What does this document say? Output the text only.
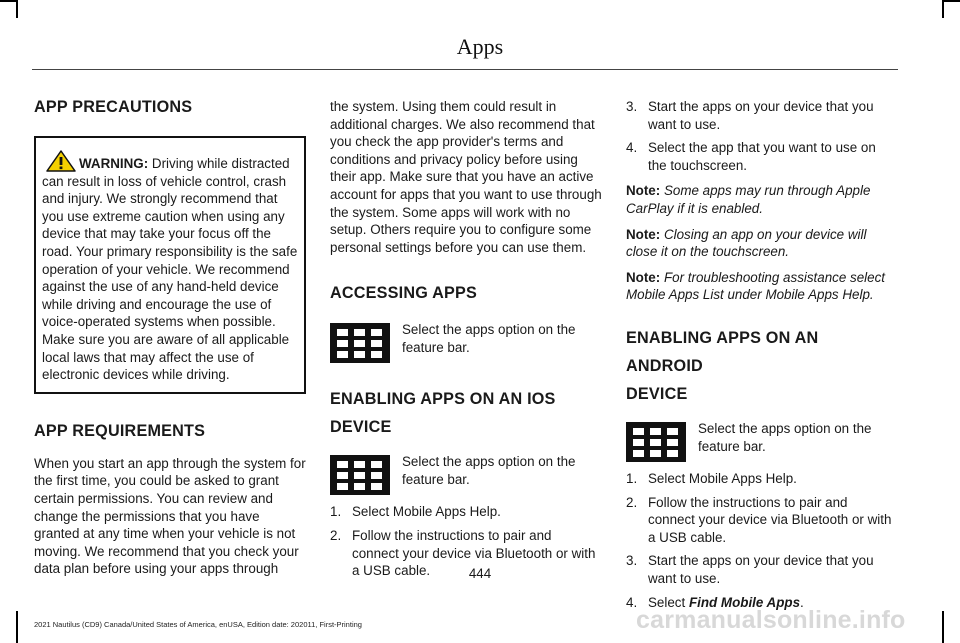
Apps
APP PRECAUTIONS

WARNING: Driving while distracted can result in loss of vehicle control, crash and injury. We strongly recommend that you use extreme caution when using any device that may take your focus off the road. Your primary responsibility is the safe operation of your vehicle. We recommend against the use of any hand-held device while driving and encourage the use of voice-operated systems when possible. Make sure you are aware of all applicable local laws that may affect the use of electronic devices while driving.

APP REQUIREMENTS

When you start an app through the system for the first time, you could be asked to grant certain permissions. You can review and change the permissions that you have granted at any time when your vehicle is not moving. We recommend that you check your data plan before using your apps through

the system. Using them could result in additional charges. We also recommend that you check the app provider's terms and conditions and privacy policy before using their app. Make sure that you have an active account for apps that you want to use through the system. Some apps will work with no setup. Others require you to configure some personal settings before you can use them.

ACCESSING APPS

Select the apps option on the feature bar.

ENABLING APPS ON AN IOS
DEVICE

Select the apps option on the feature bar.

1. Select Mobile Apps Help.
2. Follow the instructions to pair and connect your device via Bluetooth or with a USB cable.
3. Start the apps on your device that you want to use.
4. Select the app that you want to use on the touchscreen.

Note: Some apps may run through Apple CarPlay if it is enabled.

Note: Closing an app on your device will close it on the touchscreen.

Note: For troubleshooting assistance select Mobile Apps List under Mobile Apps Help.

ENABLING APPS ON AN ANDROID
DEVICE

Select the apps option on the feature bar.

1. Select Mobile Apps Help.
2. Follow the instructions to pair and connect your device via Bluetooth or with a USB cable.
3. Start the apps on your device that you want to use.
4. Select Find Mobile Apps.
444
2021 Nautilus (CD9) Canada/United States of America, enUSA, Edition date: 202011, First-Printing	carmanualsonline.info
